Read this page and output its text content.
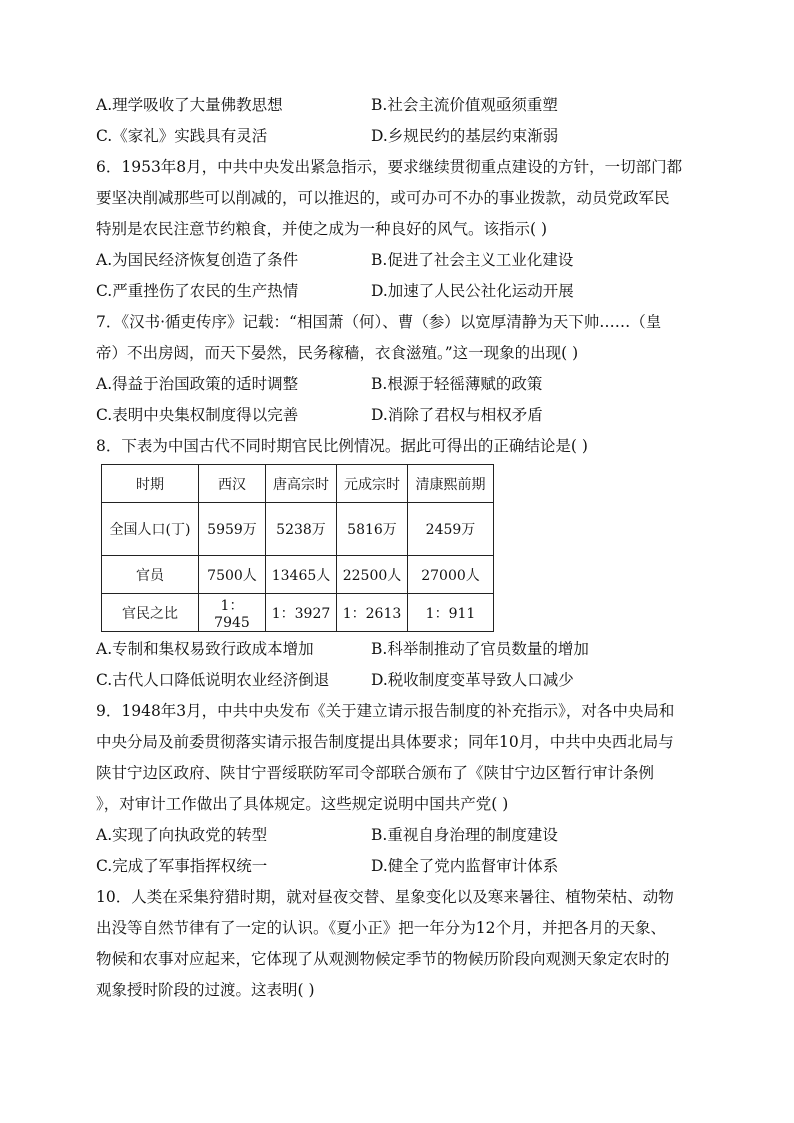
A.理学吸收了大量佛教思想	B.社会主流价值观亟须重塑
C.《家礼》实践具有灵活	D.乡规民约的基层约束渐弱
6．1953年8月，中共中央发出紧急指示，要求继续贯彻重点建设的方针，一切部门都
要坚决削减那些可以削减的，可以推迟的，或可办可不办的事业拨款，动员党政军民
特别是农民注意节约粮食，并使之成为一种良好的风气。该指示( )
A.为国民经济恢复创造了条件	B.促进了社会主义工业化建设
C.严重挫伤了农民的生产热情	D.加速了人民公社化运动开展
7．《汉书·循吏传序》记载：“相国萧（何）、曹（参）以宽厚清静为天下帅……（皇
帝）不出房闼，而天下晏然，民务稼穑，衣食滋殖。”这一现象的出现( )
A.得益于治国政策的适时调整	B.根源于轻徭薄赋的政策
C.表明中央集权制度得以完善	D.消除了君权与相权矛盾
8．下表为中国古代不同时期官民比例情况。据此可得出的正确结论是( )
时期	西汉	唐高宗时	元成宗时	清康熙前期
全国人口(丁)	5959万	5238万	5816万	2459万
官员	7500人	13465人	22500人	27000人
官民之比	1：7945	1：3927	1：2613	1：911
A.专制和集权易致行政成本增加	B.科举制推动了官员数量的增加
C.古代人口降低说明农业经济倒退	D.税收制度变革导致人口减少
9．1948年3月，中共中央发布《关于建立请示报告制度的补充指示》，对各中央局和
中央分局及前委贯彻落实请示报告制度提出具体要求；同年10月，中共中央西北局与
陕甘宁边区政府、陕甘宁晋绥联防军司令部联合颁布了《陕甘宁边区暂行审计条例
》，对审计工作做出了具体规定。这些规定说明中国共产党( )
A.实现了向执政党的转型	B.重视自身治理的制度建设
C.完成了军事指挥权统一	D.健全了党内监督审计体系
10．人类在采集狩猎时期，就对昼夜交替、星象变化以及寒来暑往、植物荣枯、动物
出没等自然节律有了一定的认识。《夏小正》把一年分为12个月，并把各月的天象、
物候和农事对应起来，它体现了从观测物候定季节的物候历阶段向观测天象定农时的
观象授时阶段的过渡。这表明( )
